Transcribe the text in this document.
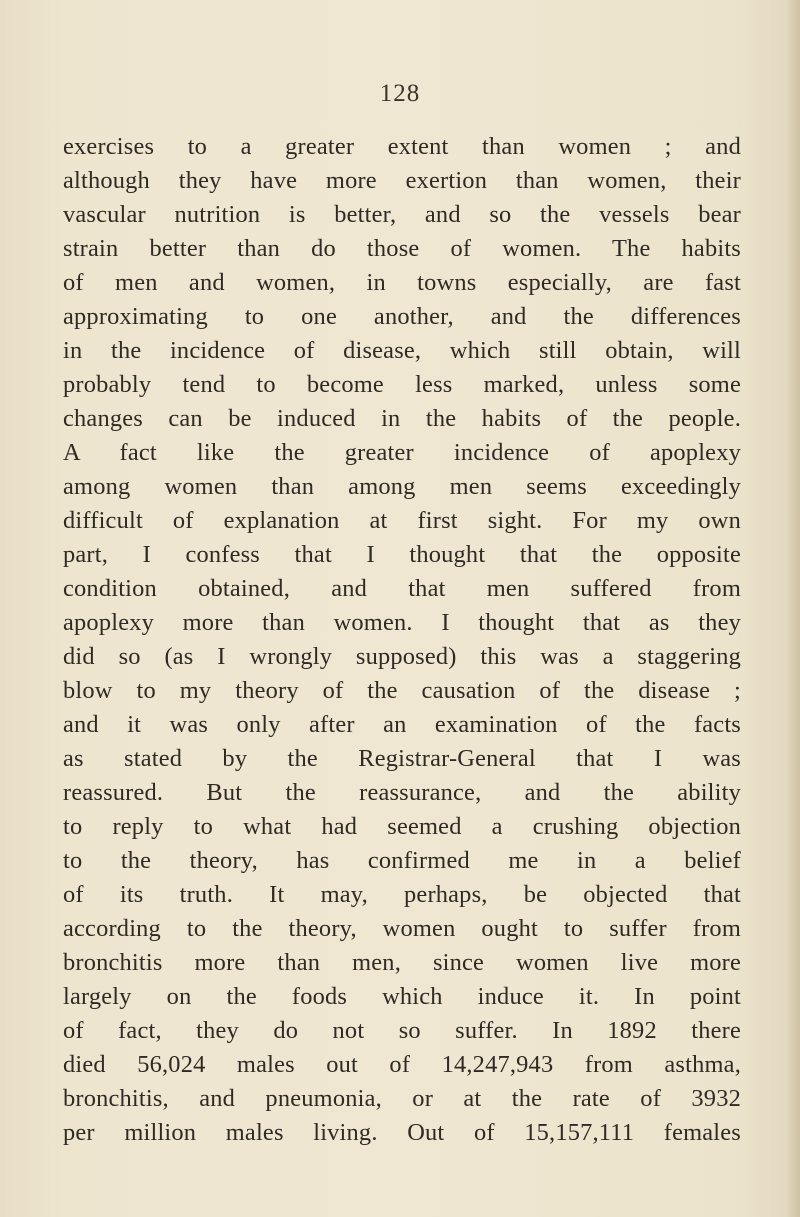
128
exercises to a greater extent than women ; and
although they have more exertion than women, their
vascular nutrition is better, and so the vessels bear
strain better than do those of women. The habits
of men and women, in towns especially, are fast
approximating to one another, and the differences
in the incidence of disease, which still obtain, will
probably tend to become less marked, unless some
changes can be induced in the habits of the people.
A fact like the greater incidence of apoplexy
among women than among men seems exceedingly
difficult of explanation at first sight. For my own
part, I confess that I thought that the opposite
condition obtained, and that men suffered from
apoplexy more than women. I thought that as they
did so (as I wrongly supposed) this was a staggering
blow to my theory of the causation of the disease ;
and it was only after an examination of the facts
as stated by the Registrar-General that I was
reassured. But the reassurance, and the ability
to reply to what had seemed a crushing objection
to the theory, has confirmed me in a belief
of its truth. It may, perhaps, be objected that
according to the theory, women ought to suffer from
bronchitis more than men, since women live more
largely on the foods which induce it. In point
of fact, they do not so suffer. In 1892 there
died 56,024 males out of 14,247,943 from asthma,
bronchitis, and pneumonia, or at the rate of 3932
per million males living. Out of 15,157,111 females
